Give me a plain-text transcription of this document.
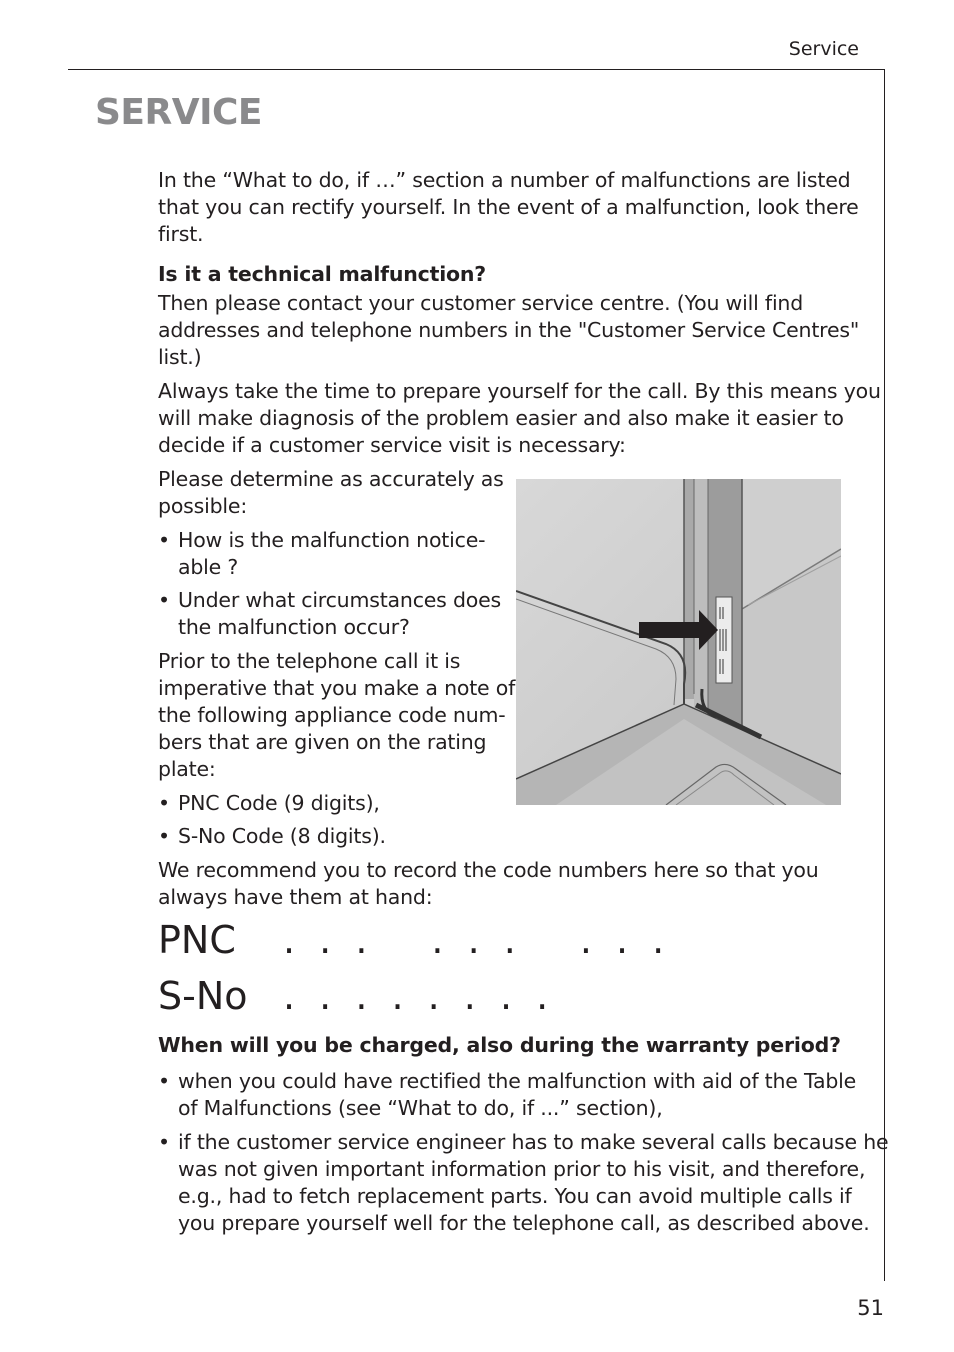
Service
SERVICE

In the “What to do, if …” section a number of malfunctions are listed

that you can rectify yourself. In the event of a malfunction, look there

first.

Is it a technical malfunction?

Then please contact your customer service centre. (You will find

addresses and telephone numbers in the "Customer Service Centres"

list.)

Always take the time to prepare yourself for the call. By this means you

will make diagnosis of the problem easier and also make it easier to

decide if a customer service visit is necessary:

Please determine as accurately as

possible:

• How is the malfunction notice-

able ?

• Under what circumstances does

the malfunction occur?

Prior to the telephone call it is

imperative that you make a note of

the following appliance code num-

bers that are given on the rating

plate:

• PNC Code (9 digits),

• S-No Code (8 digits).

We recommend you to record the code numbers here so that you

always have them at hand:

PNC . . . . . . . . .
S-No . . . . . . . .

When will you be charged, also during the warranty period?

• when you could have rectified the malfunction with aid of the Table

of Malfunctions (see “What to do, if ...” section),

• if the customer service engineer has to make several calls because he

was not given important information prior to his visit, and therefore,

e.g., had to fetch replacement parts. You can avoid multiple calls if

you prepare yourself well for the telephone call, as described above.

51
